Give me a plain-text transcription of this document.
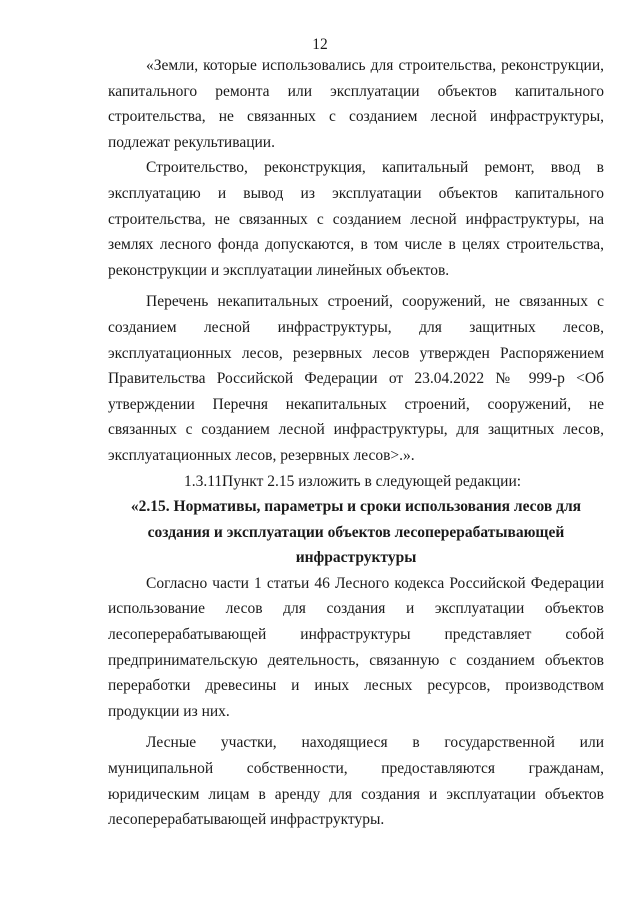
12

«Земли, которые использовались для строительства, реконструкции, капитального ремонта или эксплуатации объектов капитального строительства, не связанных с созданием лесной инфраструктуры, подлежат рекультивации.

Строительство, реконструкция, капитальный ремонт, ввод в эксплуатацию и вывод из эксплуатации объектов капитального строительства, не связанных с созданием лесной инфраструктуры, на землях лесного фонда допускаются, в том числе в целях строительства, реконструкции и эксплуатации линейных объектов.

Перечень некапитальных строений, сооружений, не связанных с созданием лесной инфраструктуры, для защитных лесов, эксплуатационных лесов, резервных лесов утвержден Распоряжением Правительства Российской Федерации от 23.04.2022 № 999-р <Об утверждении Перечня некапитальных строений, сооружений, не связанных с созданием лесной инфраструктуры, для защитных лесов, эксплуатационных лесов, резервных лесов>.».

1.3.11.Пункт 2.15 изложить в следующей редакции:

«2.15. Нормативы, параметры и сроки использования лесов для создания и эксплуатации объектов лесоперерабатывающей инфраструктуры

Согласно части 1 статьи 46 Лесного кодекса Российской Федерации использование лесов для создания и эксплуатации объектов лесоперерабатывающей инфраструктуры представляет собой предпринимательскую деятельность, связанную с созданием объектов переработки древесины и иных лесных ресурсов, производством продукции из них.

Лесные участки, находящиеся в государственной или муниципальной собственности, предоставляются гражданам, юридическим лицам в аренду для создания и эксплуатации объектов лесоперерабатывающей инфраструктуры.
